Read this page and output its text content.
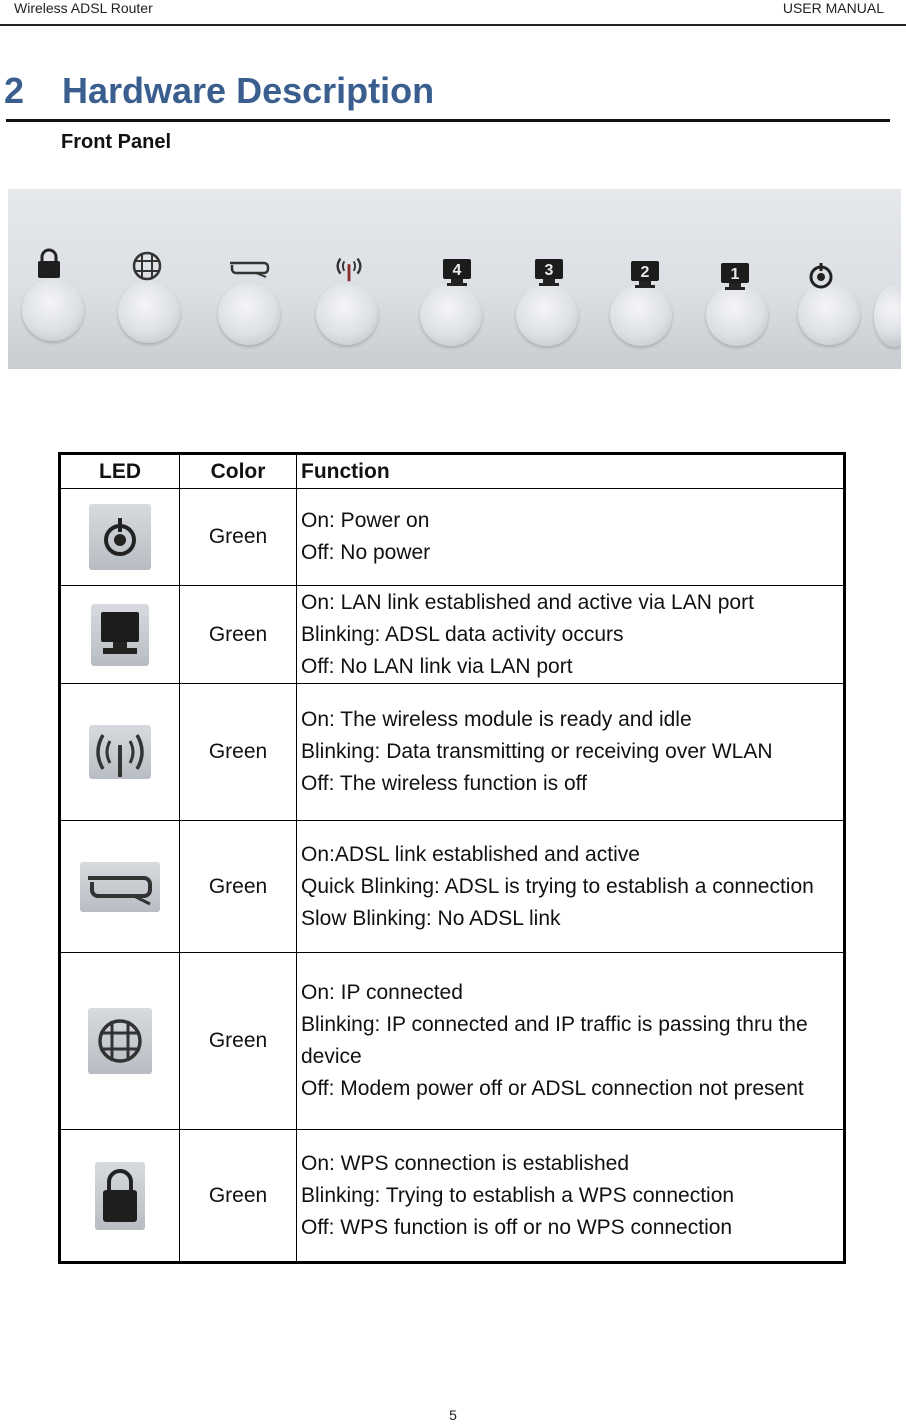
Wireless ADSL Router	USER MANUAL
2 Hardware Description
Front Panel
4	3	2	1
LED	Color	Function
	Green	On: Power on
Off: No power

	Green	On: LAN link established and active via LAN port
Blinking: ADSL data activity occurs
Off: No LAN link via LAN port

	Green	On: The wireless module is ready and idle
Blinking: Data transmitting or receiving over WLAN
Off: The wireless function is off

	Green	On:ADSL link established and active
Quick Blinking: ADSL is trying to establish a connection
Slow Blinking: No ADSL link

	Green	On: IP connected
Blinking: IP connected and IP traffic is passing thru the
device
Off: Modem power off or ADSL connection not present

	Green	On: WPS connection is established
Blinking: Trying to establish a WPS connection
Off: WPS function is off or no WPS connection
5
